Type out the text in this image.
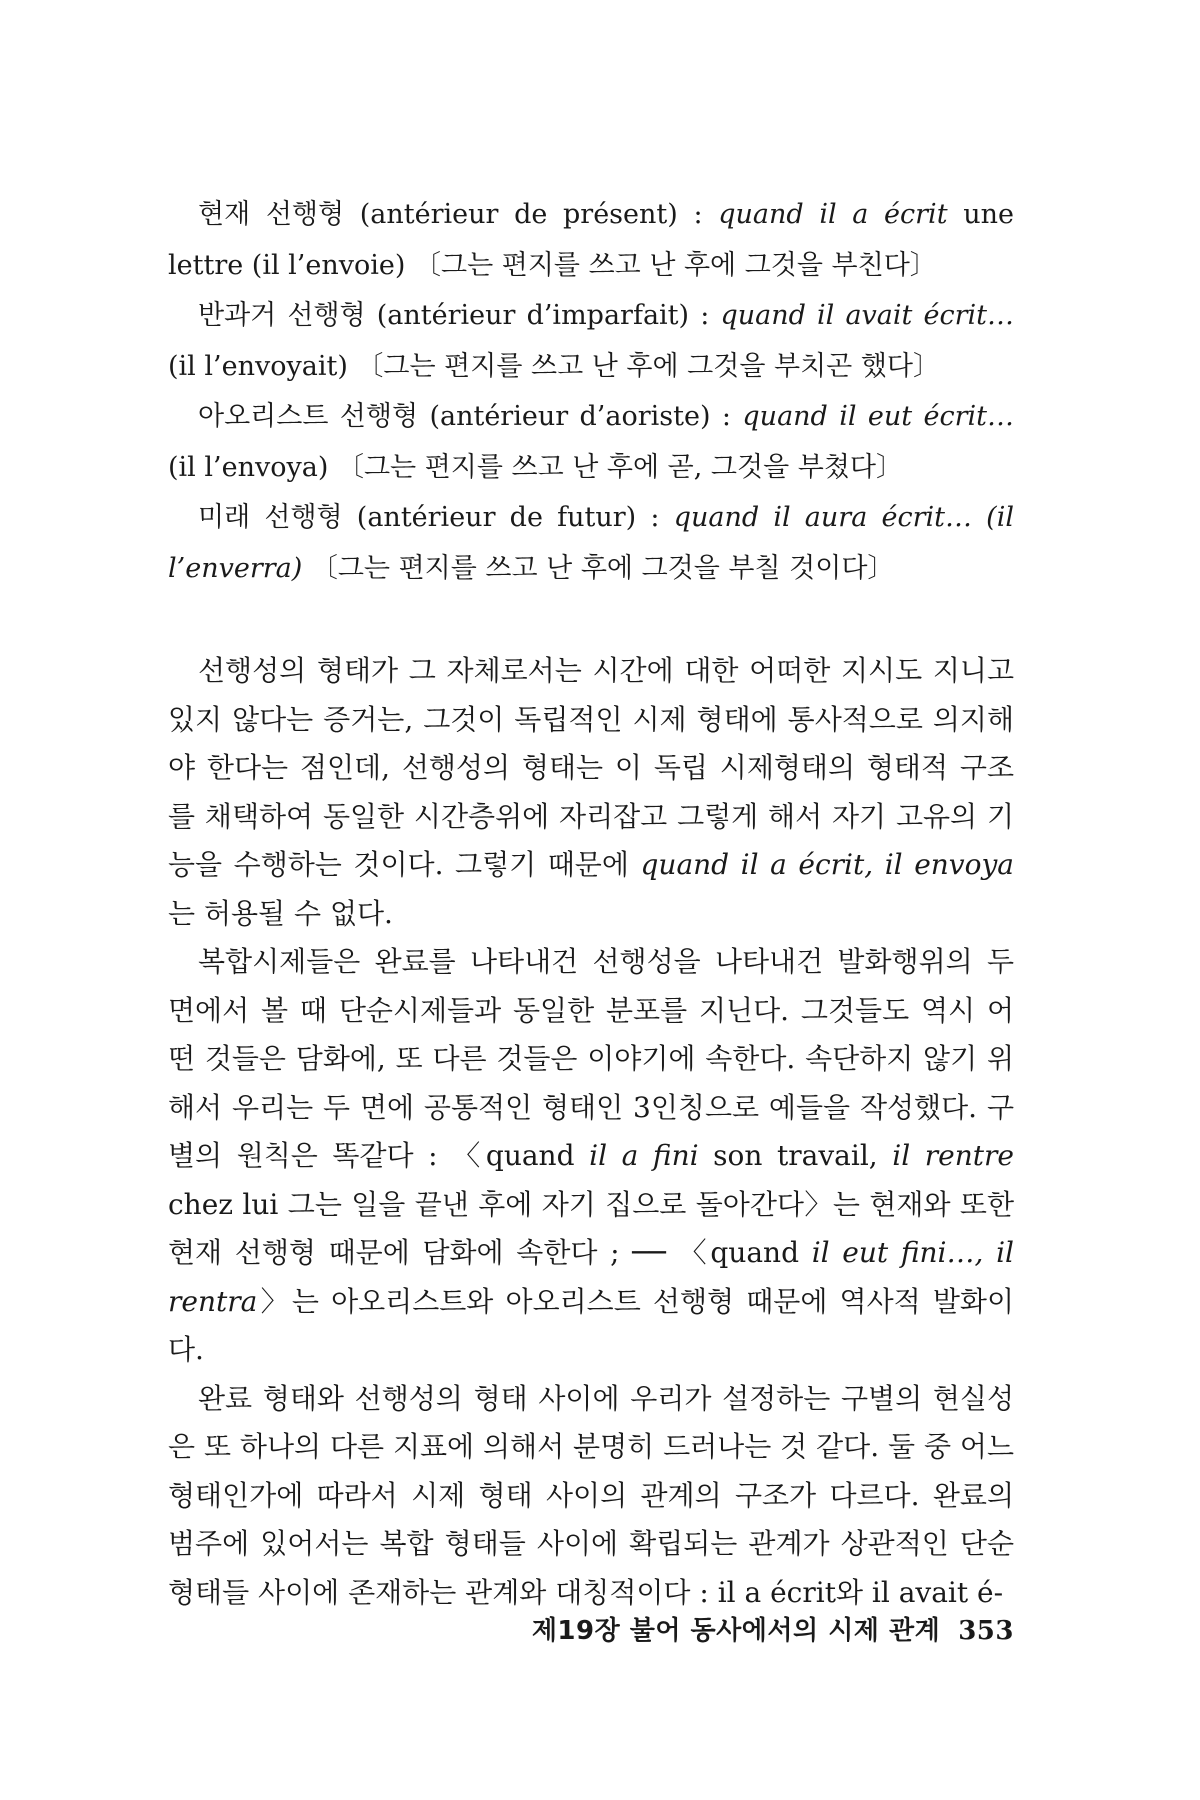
현재 선행형 (antérieur de présent) : quand il a écrit une lettre (il l’envoie) 〔그는 편지를 쓰고 난 후에 그것을 부친다〕

반과거 선행형 (antérieur d’imparfait) : quand il avait écrit… (il l’envoyait) 〔그는 편지를 쓰고 난 후에 그것을 부치곤 했다〕

아오리스트 선행형 (antérieur d’aoriste) : quand il eut écrit… (il l’envoya) 〔그는 편지를 쓰고 난 후에 곧, 그것을 부쳤다〕

미래 선행형 (antérieur de futur) : quand il aura écrit… (il l’enverra) 〔그는 편지를 쓰고 난 후에 그것을 부칠 것이다〕

선행성의 형태가 그 자체로서는 시간에 대한 어떠한 지시도 지니고 있지 않다는 증거는, 그것이 독립적인 시제 형태에 통사적으로 의지해야 한다는 점인데, 선행성의 형태는 이 독립 시제형태의 형태적 구조를 채택하여 동일한 시간층위에 자리잡고 그렇게 해서 자기 고유의 기능을 수행하는 것이다. 그렇기 때문에 quand il a écrit, il envoya는 허용될 수 없다.

복합시제들은 완료를 나타내건 선행성을 나타내건 발화행위의 두 면에서 볼 때 단순시제들과 동일한 분포를 지닌다. 그것들도 역시 어떤 것들은 담화에, 또 다른 것들은 이야기에 속한다. 속단하지 않기 위해서 우리는 두 면에 공통적인 형태인 3인칭으로 예들을 작성했다. 구별의 원칙은 똑같다 : 〈quand il a fini son travail, il rentre chez lui 그는 일을 끝낸 후에 자기 집으로 돌아간다〉는 현재와 또한 현재 선행형 때문에 담화에 속한다 ; ── 〈quand il eut fini…, il rentra〉는 아오리스트와 아오리스트 선행형 때문에 역사적 발화이다.

완료 형태와 선행성의 형태 사이에 우리가 설정하는 구별의 현실성은 또 하나의 다른 지표에 의해서 분명히 드러나는 것 같다. 둘 중 어느 형태인가에 따라서 시제 형태 사이의 관계의 구조가 다르다. 완료의 범주에 있어서는 복합 형태들 사이에 확립되는 관계가 상관적인 단순형태들 사이에 존재하는 관계와 대칭적이다 : il a écrit와 il avait é-

제19장 불어 동사에서의 시제 관계 353
